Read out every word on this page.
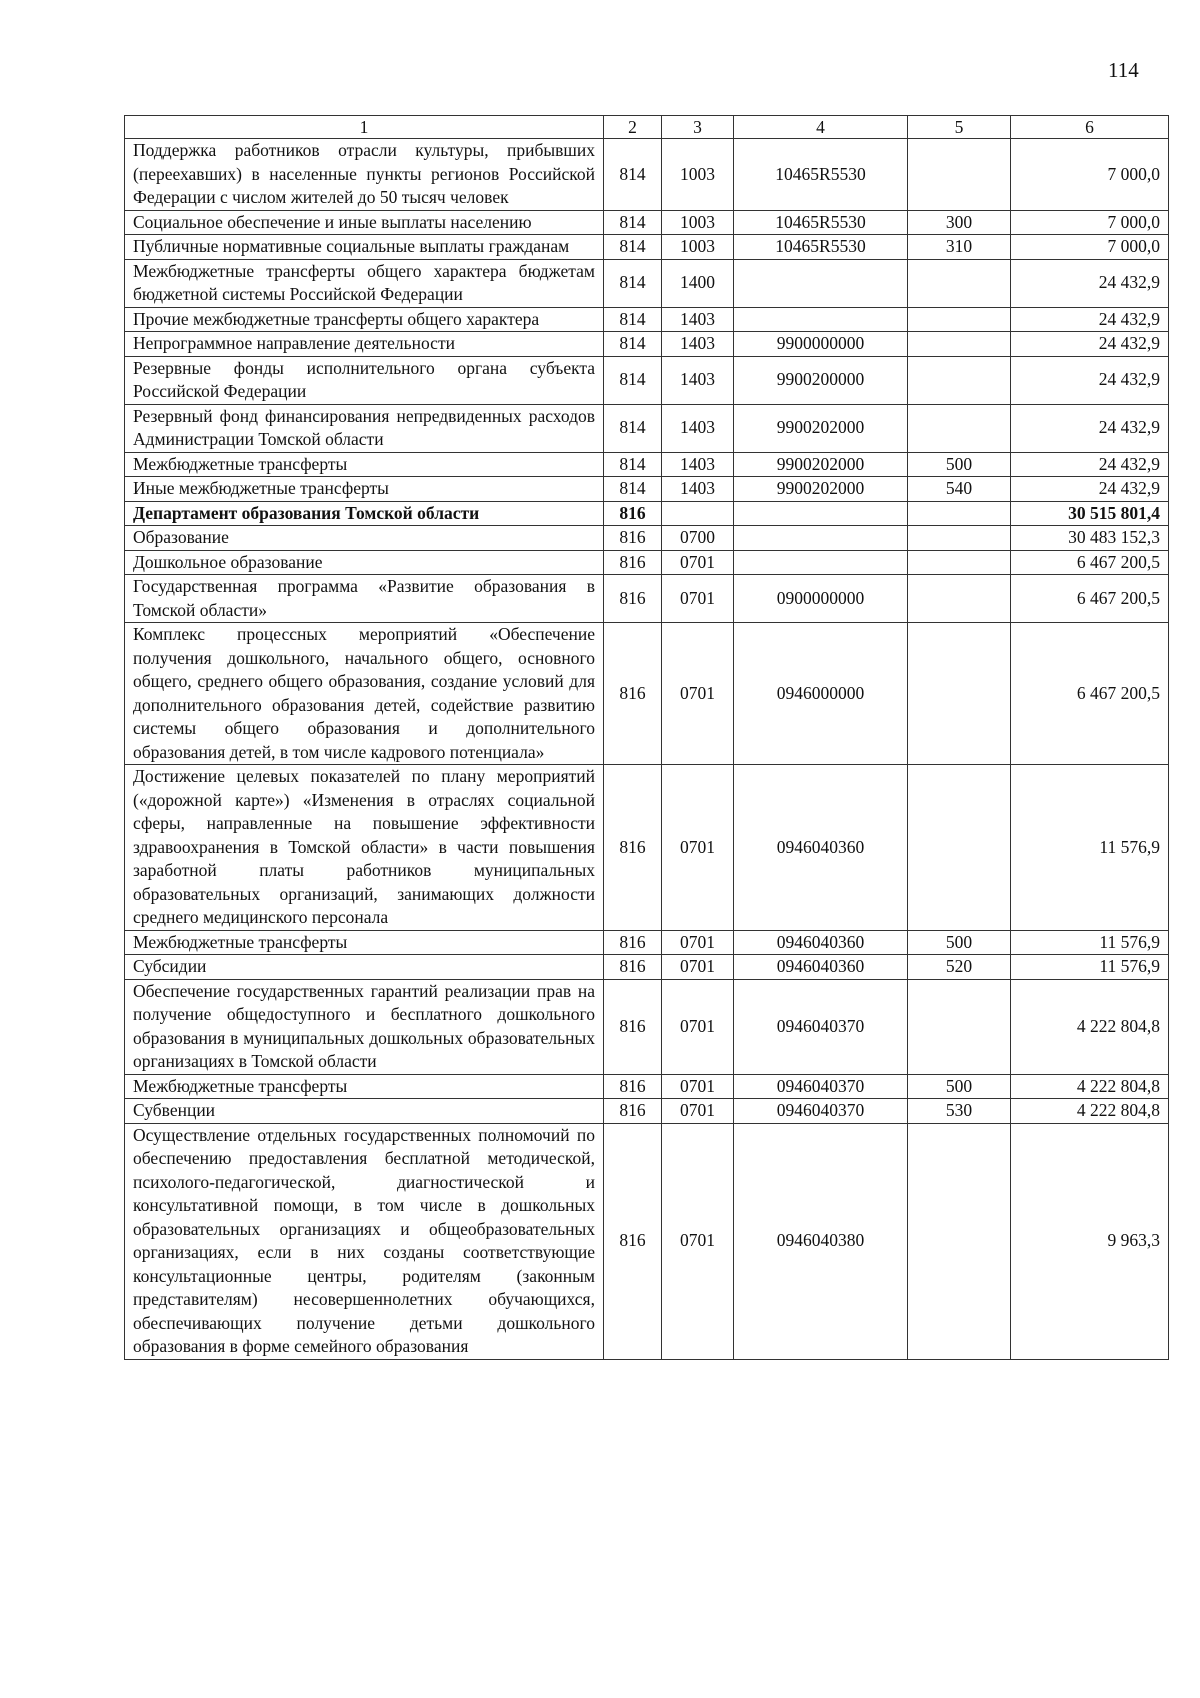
114
1	2	3	4	5	6
Поддержка работников отрасли культуры, прибывших (переехавших) в населенные пункты регионов Российской Федерации с числом жителей до 50 тысяч человек	814	1003	10465R5530		7 000,0
Социальное обеспечение и иные выплаты населению	814	1003	10465R5530	300	7 000,0
Публичные нормативные социальные выплаты гражданам	814	1003	10465R5530	310	7 000,0
Межбюджетные трансферты общего характера бюджетам бюджетной системы Российской Федерации	814	1400			24 432,9
Прочие межбюджетные трансферты общего характера	814	1403			24 432,9
Непрограммное направление деятельности	814	1403	9900000000		24 432,9
Резервные фонды исполнительного органа субъекта Российской Федерации	814	1403	9900200000		24 432,9
Резервный фонд финансирования непредвиденных расходов Администрации Томской области	814	1403	9900202000		24 432,9
Межбюджетные трансферты	814	1403	9900202000	500	24 432,9
Иные межбюджетные трансферты	814	1403	9900202000	540	24 432,9
Департамент образования Томской области	816				30 515 801,4
Образование	816	0700			30 483 152,3
Дошкольное образование	816	0701			6 467 200,5
Государственная программа «Развитие образования в Томской области»	816	0701	0900000000		6 467 200,5
Комплекс процессных мероприятий «Обеспечение получения дошкольного, начального общего, основного общего, среднего общего образования, создание условий для дополнительного образования детей, содействие развитию системы общего образования и дополнительного образования детей, в том числе кадрового потенциала»	816	0701	0946000000		6 467 200,5
Достижение целевых показателей по плану мероприятий («дорожной карте») «Изменения в отраслях социальной сферы, направленные на повышение эффективности здравоохранения в Томской области» в части повышения заработной платы работников муниципальных образовательных организаций, занимающих должности среднего медицинского персонала	816	0701	0946040360		11 576,9
Межбюджетные трансферты	816	0701	0946040360	500	11 576,9
Субсидии	816	0701	0946040360	520	11 576,9
Обеспечение государственных гарантий реализации прав на получение общедоступного и бесплатного дошкольного образования в муниципальных дошкольных образовательных организациях в Томской области	816	0701	0946040370		4 222 804,8
Межбюджетные трансферты	816	0701	0946040370	500	4 222 804,8
Субвенции	816	0701	0946040370	530	4 222 804,8
Осуществление отдельных государственных полномочий по обеспечению предоставления бесплатной методической, психолого-педагогической, диагностической и консультативной помощи, в том числе в дошкольных образовательных организациях и общеобразовательных организациях, если в них созданы соответствующие консультационные центры, родителям (законным представителям) несовершеннолетних обучающихся, обеспечивающих получение детьми дошкольного образования в форме семейного образования	816	0701	0946040380		9 963,3
